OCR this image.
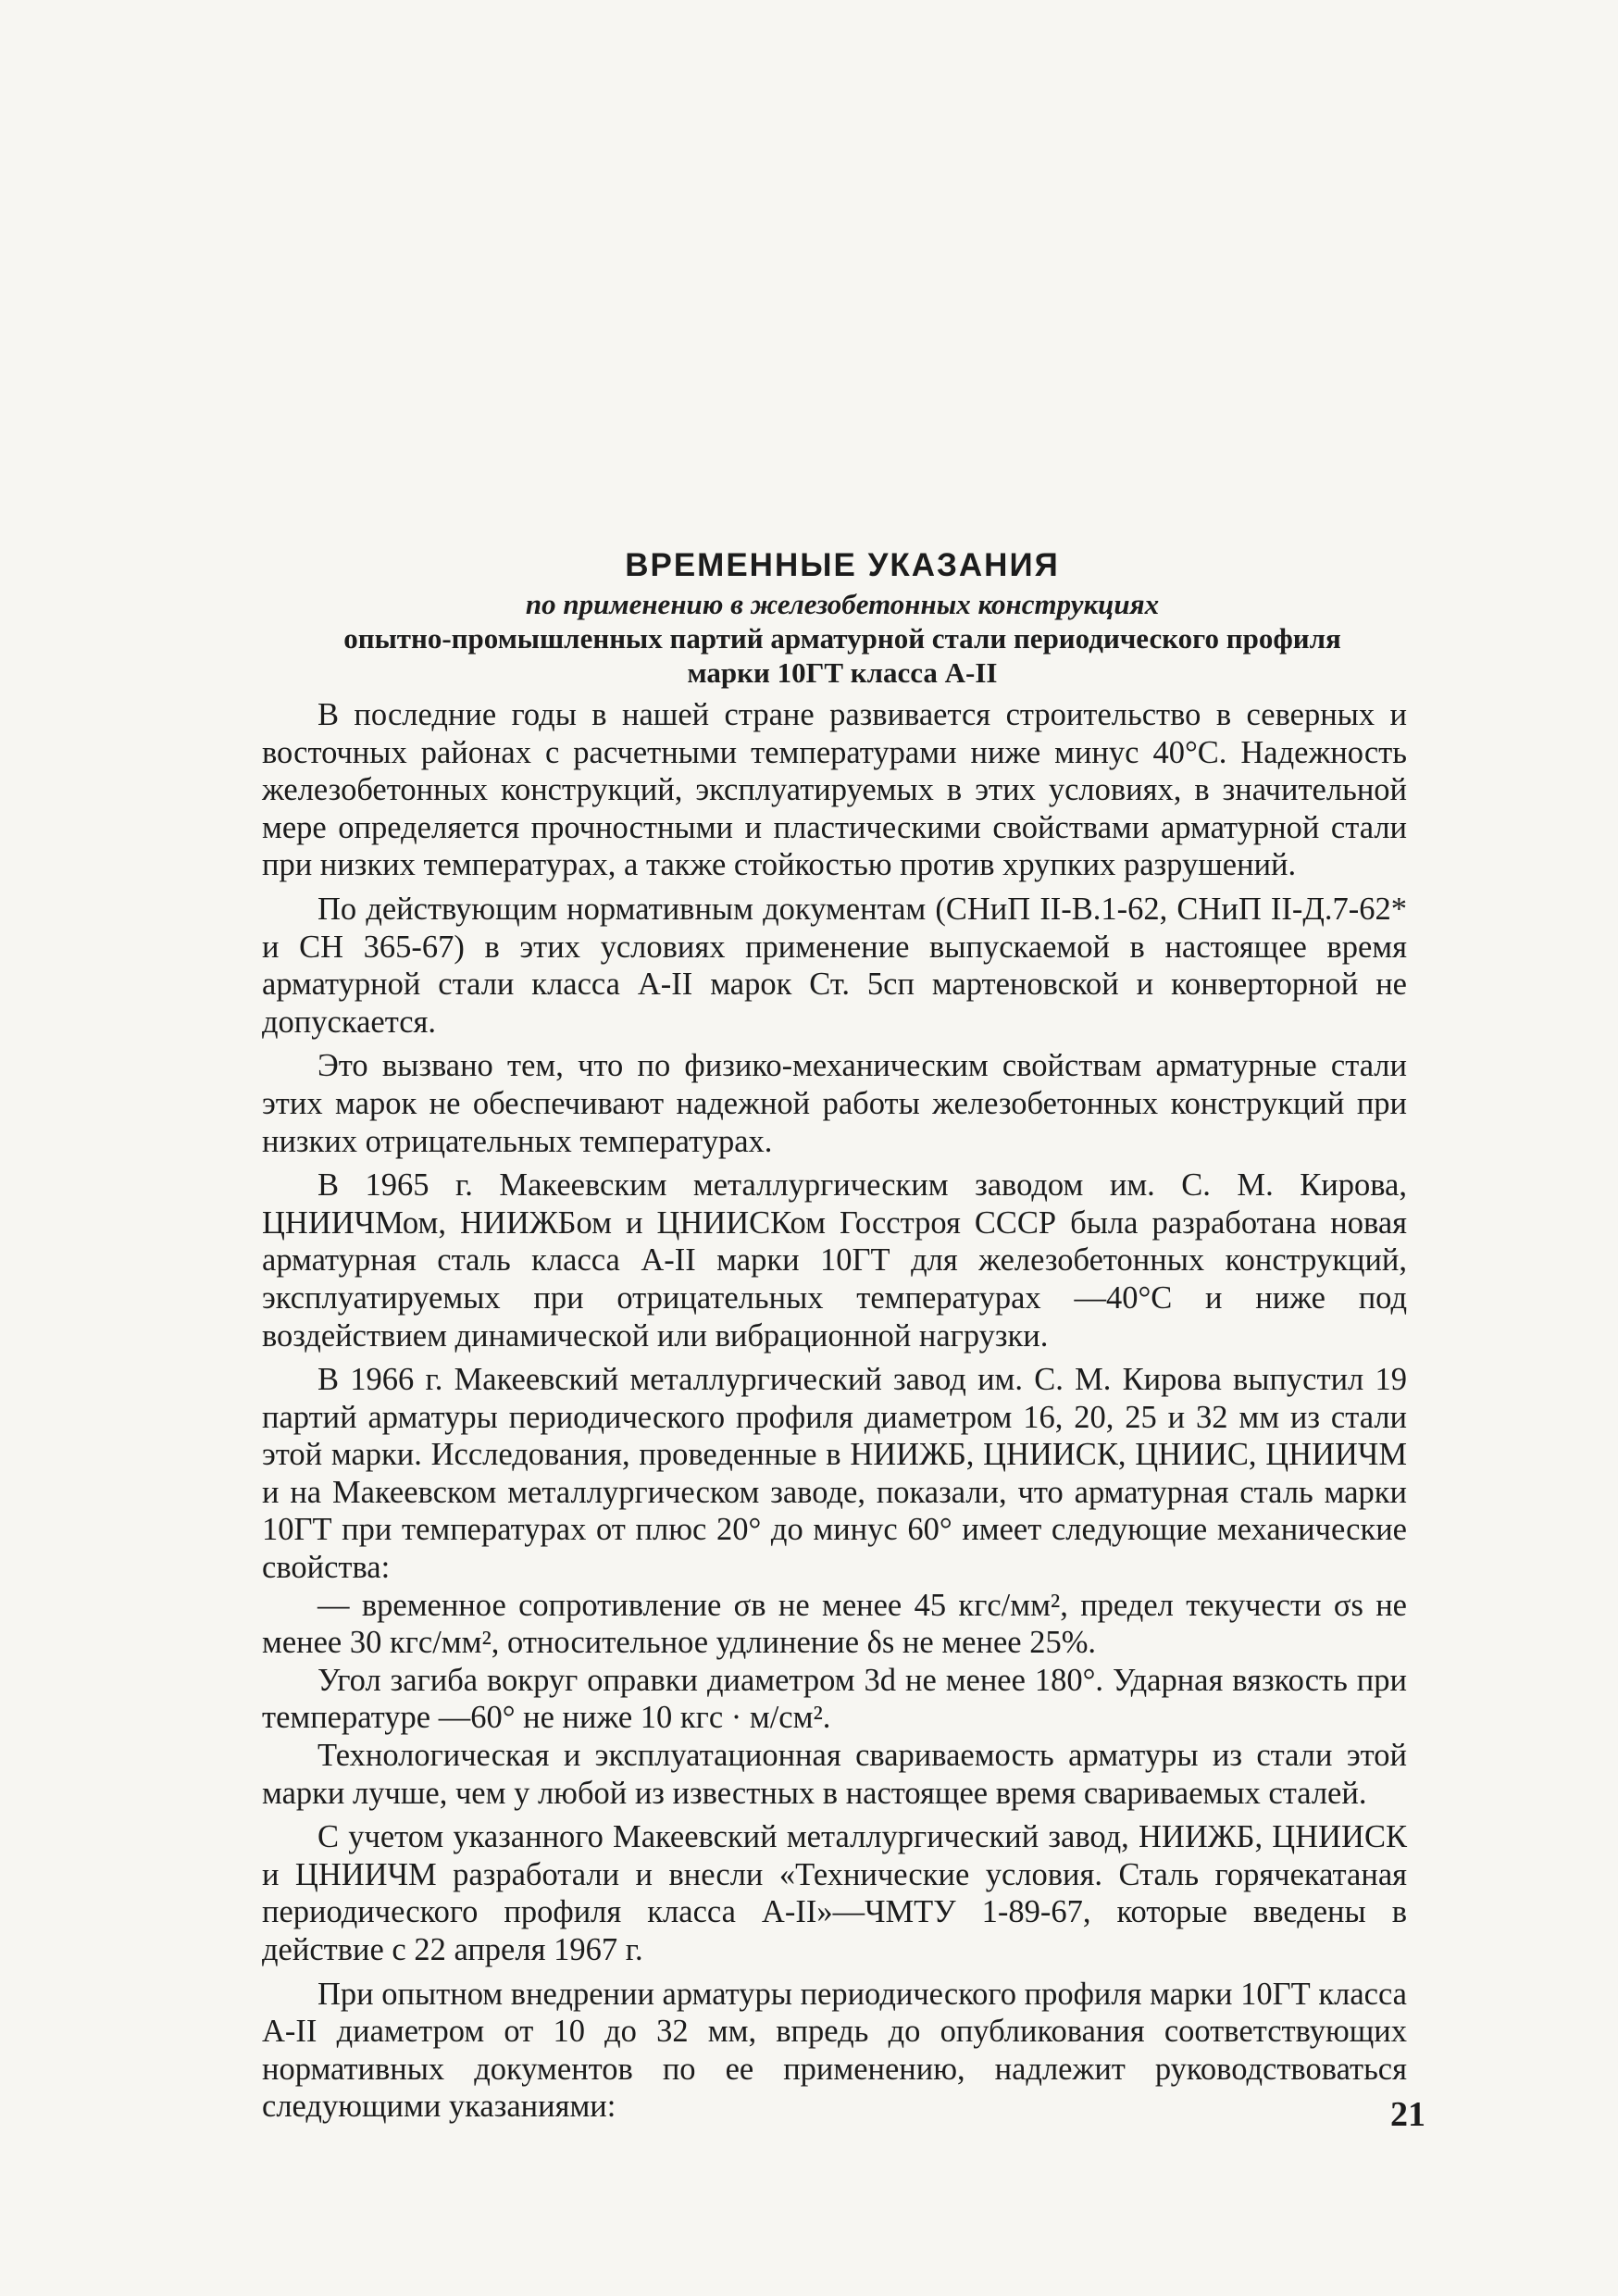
ВРЕМЕННЫЕ УКАЗАНИЯ

по применению в железобетонных конструкциях

опытно-промышленных партий арматурной стали периодического профиля

марки 10ГТ класса А-II

В последние годы в нашей стране развивается строительство в северных и восточных районах с расчетными температурами ниже минус 40°С. Надежность железобетонных конструкций, эксплуатируемых в этих условиях, в значительной мере определяется прочностными и пластическими свойствами арматурной стали при низких температурах, а также стойкостью против хрупких разрушений.

По действующим нормативным документам (СНиП II-В.1-62, СНиП II-Д.7-62* и СН 365-67) в этих условиях применение выпускаемой в настоящее время арматурной стали класса А-II марок Ст. 5сп мартеновской и конверторной не допускается.

Это вызвано тем, что по физико-механическим свойствам арматурные стали этих марок не обеспечивают надежной работы железобетонных конструкций при низких отрицательных температурах.

В 1965 г. Макеевским металлургическим заводом им. С. М. Кирова, ЦНИИЧМом, НИИЖБом и ЦНИИСКом Госстроя СССР была разработана новая арматурная сталь класса А-II марки 10ГТ для железобетонных конструкций, эксплуатируемых при отрицательных температурах —40°С и ниже под воздействием динамической или вибрационной нагрузки.

В 1966 г. Макеевский металлургический завод им. С. М. Кирова выпустил 19 партий арматуры периодического профиля диаметром 16, 20, 25 и 32 мм из стали этой марки. Исследования, проведенные в НИИЖБ, ЦНИИСК, ЦНИИС, ЦНИИЧМ и на Макеевском металлургическом заводе, показали, что арматурная сталь марки 10ГТ при температурах от плюс 20° до минус 60° имеет следующие механические свойства:

— временное сопротивление σв не менее 45 кгс/мм², предел текучести σs не менее 30 кгс/мм², относительное удлинение δs не менее 25%.

Угол загиба вокруг оправки диаметром 3d не менее 180°. Ударная вязкость при температуре —60° не ниже 10 кгс · м/см².

Технологическая и эксплуатационная свариваемость арматуры из стали этой марки лучше, чем у любой из известных в настоящее время свариваемых сталей.

С учетом указанного Макеевский металлургический завод, НИИЖБ, ЦНИИСК и ЦНИИЧМ разработали и внесли «Технические условия. Сталь горячекатаная периодического профиля класса А-II»—ЧМТУ 1-89-67, которые введены в действие с 22 апреля 1967 г.

При опытном внедрении арматуры периодического профиля марки 10ГТ класса А-II диаметром от 10 до 32 мм, впредь до опубликования соответствующих нормативных документов по ее применению, надлежит руководствоваться следующими указаниями:	21
